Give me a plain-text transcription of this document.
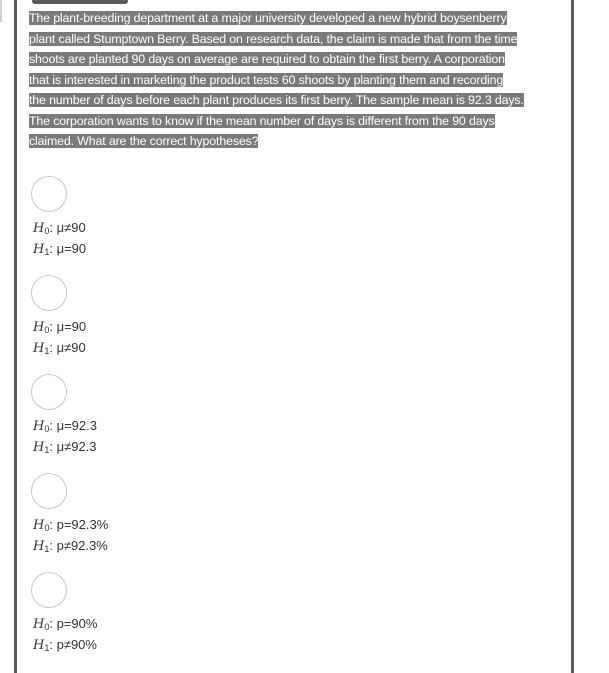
The plant-breeding department at a major university developed a new hybrid boysenberry
plant called Stumptown Berry. Based on research data, the claim is made that from the time
shoots are planted 90 days on average are required to obtain the first berry. A corporation
that is interested in marketing the product tests 60 shoots by planting them and recording
the number of days before each plant produces its first berry. The sample mean is 92.3 days.
The corporation wants to know if the mean number of days is different from the 90 days
claimed. What are the correct hypotheses?
$H_0$: μ≠90
$H_1$: μ=90
$H_0$: μ=90
$H_1$: μ≠90
$H_0$: μ=92.3
$H_1$: μ≠92.3
$H_0$: p=92.3%
$H_1$: p≠92.3%
$H_0$: p=90%
$H_1$: p≠90%
